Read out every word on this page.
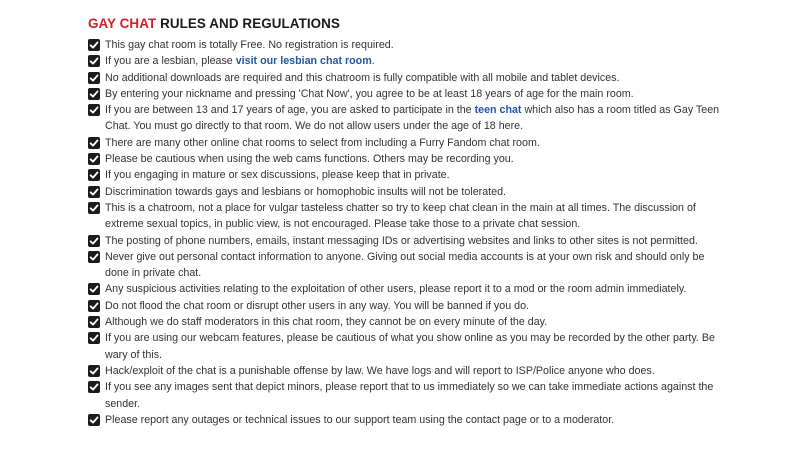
GAY CHAT RULES AND REGULATIONS
This gay chat room is totally Free. No registration is required.
If you are a lesbian, please visit our lesbian chat room.
No additional downloads are required and this chatroom is fully compatible with all mobile and tablet devices.
By entering your nickname and pressing 'Chat Now', you agree to be at least 18 years of age for the main room.
If you are between 13 and 17 years of age, you are asked to participate in the teen chat which also has a room titled as Gay Teen Chat. You must go directly to that room. We do not allow users under the age of 18 here.
There are many other online chat rooms to select from including a Furry Fandom chat room.
Please be cautious when using the web cams functions. Others may be recording you.
If you engaging in mature or sex discussions, please keep that in private.
Discrimination towards gays and lesbians or homophobic insults will not be tolerated.
This is a chatroom, not a place for vulgar tasteless chatter so try to keep chat clean in the main at all times. The discussion of extreme sexual topics, in public view, is not encouraged. Please take those to a private chat session.
The posting of phone numbers, emails, instant messaging IDs or advertising websites and links to other sites is not permitted.
Never give out personal contact information to anyone. Giving out social media accounts is at your own risk and should only be done in private chat.
Any suspicious activities relating to the exploitation of other users, please report it to a mod or the room admin immediately.
Do not flood the chat room or disrupt other users in any way. You will be banned if you do.
Although we do staff moderators in this chat room, they cannot be on every minute of the day.
If you are using our webcam features, please be cautious of what you show online as you may be recorded by the other party. Be wary of this.
Hack/exploit of the chat is a punishable offense by law. We have logs and will report to ISP/Police anyone who does.
If you see any images sent that depict minors, please report that to us immediately so we can take immediate actions against the sender.
Please report any outages or technical issues to our support team using the contact page or to a moderator.
